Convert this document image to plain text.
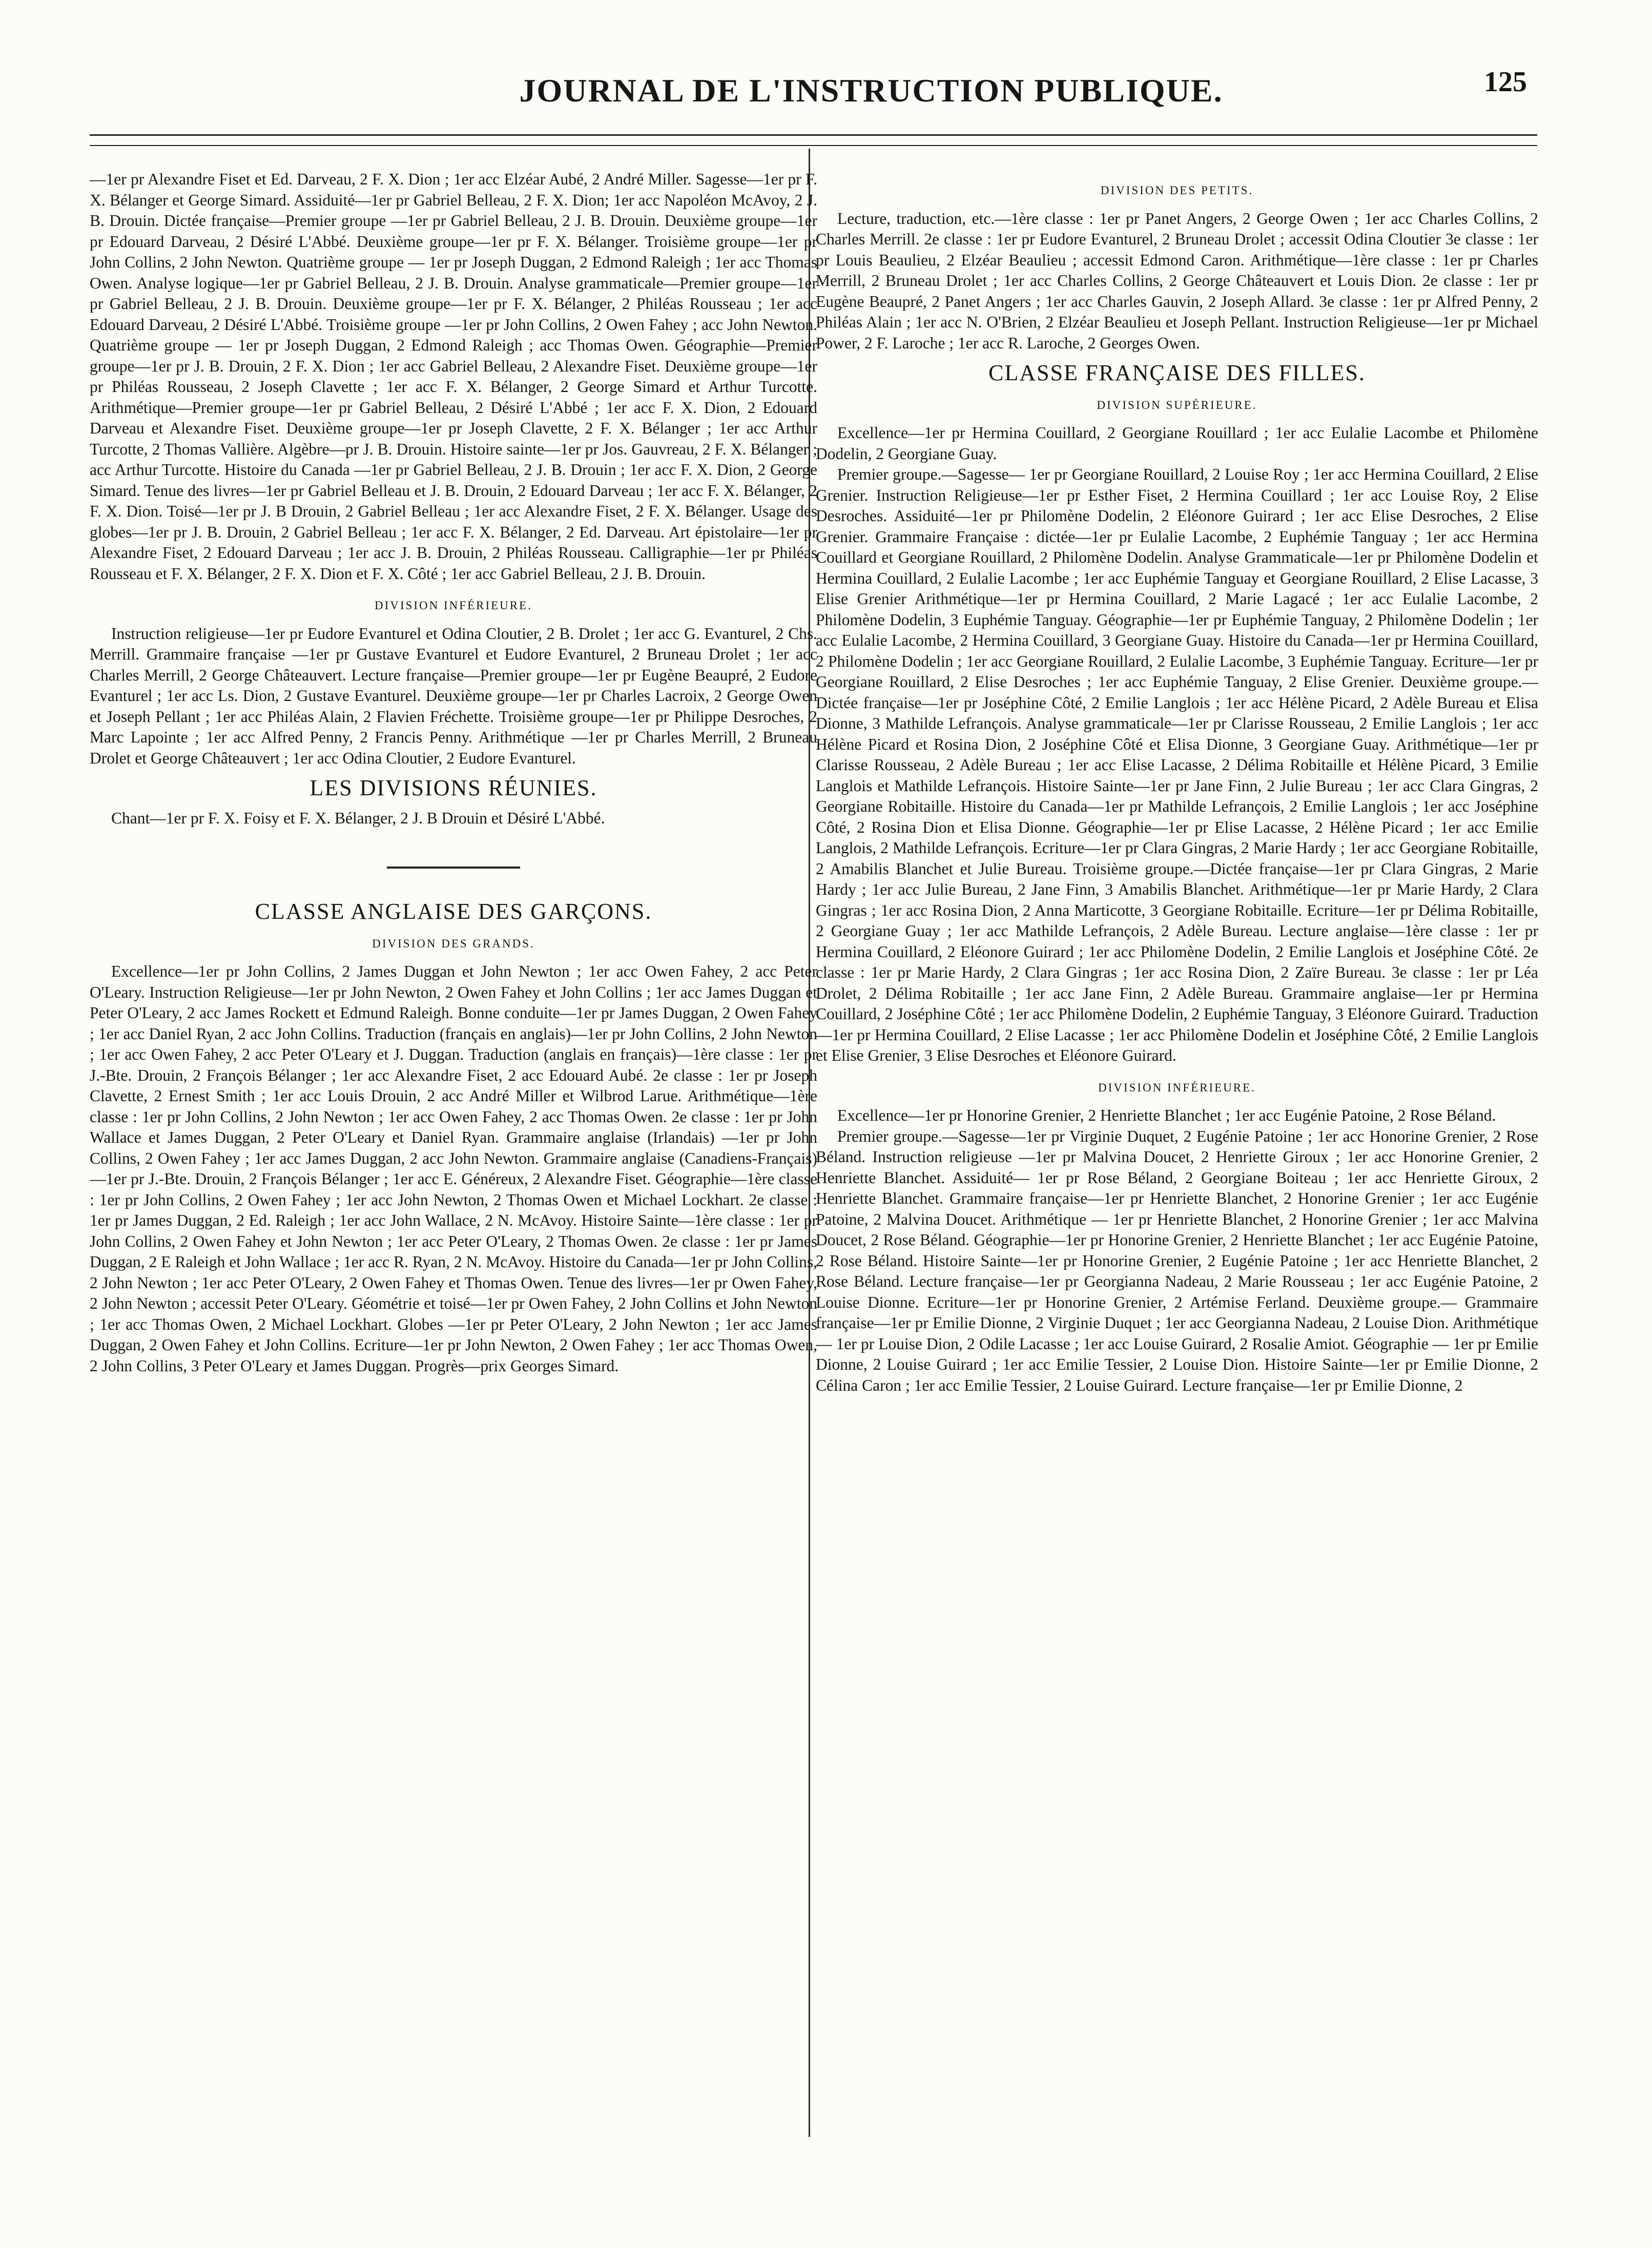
JOURNAL DE L'INSTRUCTION PUBLIQUE.	125

—1er pr Alexandre Fiset et Ed. Darveau, 2 F. X. Dion ; 1er acc Elzéar Aubé, 2 André Miller. Sagesse—1er pr F. X. Bélanger et George Simard. Assiduité—1er pr Gabriel Belleau, 2 F. X. Dion; 1er acc Napoléon McAvoy, 2 J. B. Drouin. Dictée française—Premier groupe —1er pr Gabriel Belleau, 2 J. B. Drouin. Deuxième groupe—1er pr Edouard Darveau, 2 Désiré L'Abbé. Deuxième groupe—1er pr F. X. Bélanger. Troisième groupe—1er pr John Collins, 2 John Newton. Quatrième groupe — 1er pr Joseph Duggan, 2 Edmond Raleigh ; 1er acc Thomas Owen. Analyse logique—1er pr Gabriel Belleau, 2 J. B. Drouin. Analyse grammaticale—Premier groupe—1er pr Gabriel Belleau, 2 J. B. Drouin. Deuxième groupe—1er pr F. X. Bélanger, 2 Philéas Rousseau ; 1er acc Edouard Darveau, 2 Désiré L'Abbé. Troisième groupe —1er pr John Collins, 2 Owen Fahey ; acc John Newton. Quatrième groupe — 1er pr Joseph Duggan, 2 Edmond Raleigh ; acc Thomas Owen. Géographie—Premier groupe—1er pr J. B. Drouin, 2 F. X. Dion ; 1er acc Gabriel Belleau, 2 Alexandre Fiset. Deuxième groupe—1er pr Philéas Rousseau, 2 Joseph Clavette ; 1er acc F. X. Bélanger, 2 George Simard et Arthur Turcotte. Arithmétique—Premier groupe—1er pr Gabriel Belleau, 2 Désiré L'Abbé ; 1er acc F. X. Dion, 2 Edouard Darveau et Alexandre Fiset. Deuxième groupe—1er pr Joseph Clavette, 2 F. X. Bélanger ; 1er acc Arthur Turcotte, 2 Thomas Vallière. Algèbre—pr J. B. Drouin. Histoire sainte—1er pr Jos. Gauvreau, 2 F. X. Bélanger ; acc Arthur Turcotte. Histoire du Canada —1er pr Gabriel Belleau, 2 J. B. Drouin ; 1er acc F. X. Dion, 2 George Simard. Tenue des livres—1er pr Gabriel Belleau et J. B. Drouin, 2 Edouard Darveau ; 1er acc F. X. Bélanger, 2 F. X. Dion. Toisé—1er pr J. B Drouin, 2 Gabriel Belleau ; 1er acc Alexandre Fiset, 2 F. X. Bélanger. Usage des globes—1er pr J. B. Drouin, 2 Gabriel Belleau ; 1er acc F. X. Bélanger, 2 Ed. Darveau. Art épistolaire—1er pr Alexandre Fiset, 2 Edouard Darveau ; 1er acc J. B. Drouin, 2 Philéas Rousseau. Calligraphie—1er pr Philéas Rousseau et F. X. Bélanger, 2 F. X. Dion et F. X. Côté ; 1er acc Gabriel Belleau, 2 J. B. Drouin.

DIVISION INFÉRIEURE.

Instruction religieuse—1er pr Eudore Evanturel et Odina Cloutier, 2 B. Drolet ; 1er acc G. Evanturel, 2 Chs. Merrill. Grammaire française —1er pr Gustave Evanturel et Eudore Evanturel, 2 Bruneau Drolet ; 1er acc Charles Merrill, 2 George Châteauvert. Lecture française—Premier groupe—1er pr Eugène Beaupré, 2 Eudore Evanturel ; 1er acc Ls. Dion, 2 Gustave Evanturel. Deuxième groupe—1er pr Charles Lacroix, 2 George Owen et Joseph Pellant ; 1er acc Philéas Alain, 2 Flavien Fréchette. Troisième groupe—1er pr Philippe Desroches, 2 Marc Lapointe ; 1er acc Alfred Penny, 2 Francis Penny. Arithmétique —1er pr Charles Merrill, 2 Bruneau Drolet et George Châteauvert ; 1er acc Odina Cloutier, 2 Eudore Evanturel.

LES DIVISIONS RÉUNIES.

Chant—1er pr F. X. Foisy et F. X. Bélanger, 2 J. B Drouin et Désiré L'Abbé.

CLASSE ANGLAISE DES GARÇONS.
DIVISION DES GRANDS.

Excellence—1er pr John Collins, 2 James Duggan et John Newton ; 1er acc Owen Fahey, 2 acc Peter O'Leary. Instruction Religieuse—1er pr John Newton, 2 Owen Fahey et John Collins ; 1er acc James Duggan et Peter O'Leary, 2 acc James Rockett et Edmund Raleigh. Bonne conduite—1er pr James Duggan, 2 Owen Fahey ; 1er acc Daniel Ryan, 2 acc John Collins. Traduction (français en anglais)—1er pr John Collins, 2 John Newton ; 1er acc Owen Fahey, 2 acc Peter O'Leary et J. Duggan. Traduction (anglais en français)—1ère classe : 1er pr J.-Bte. Drouin, 2 François Bélanger ; 1er acc Alexandre Fiset, 2 acc Edouard Aubé. 2e classe : 1er pr Joseph Clavette, 2 Ernest Smith ; 1er acc Louis Drouin, 2 acc André Miller et Wilbrod Larue. Arithmétique—1ère classe : 1er pr John Collins, 2 John Newton ; 1er acc Owen Fahey, 2 acc Thomas Owen. 2e classe : 1er pr John Wallace et James Duggan, 2 Peter O'Leary et Daniel Ryan. Grammaire anglaise (Irlandais) —1er pr John Collins, 2 Owen Fahey ; 1er acc James Duggan, 2 acc John Newton. Grammaire anglaise (Canadiens-Français)—1er pr J.-Bte. Drouin, 2 François Bélanger ; 1er acc E. Généreux, 2 Alexandre Fiset. Géographie—1ère classe : 1er pr John Collins, 2 Owen Fahey ; 1er acc John Newton, 2 Thomas Owen et Michael Lockhart. 2e classe : 1er pr James Duggan, 2 Ed. Raleigh ; 1er acc John Wallace, 2 N. McAvoy. Histoire Sainte—1ère classe : 1er pr John Collins, 2 Owen Fahey et John Newton ; 1er acc Peter O'Leary, 2 Thomas Owen. 2e classe : 1er pr James Duggan, 2 E Raleigh et John Wallace ; 1er acc R. Ryan, 2 N. McAvoy. Histoire du Canada—1er pr John Collins, 2 John Newton ; 1er acc Peter O'Leary, 2 Owen Fahey et Thomas Owen. Tenue des livres—1er pr Owen Fahey, 2 John Newton ; accessit Peter O'Leary. Géométrie et toisé—1er pr Owen Fahey, 2 John Collins et John Newton ; 1er acc Thomas Owen, 2 Michael Lockhart. Globes —1er pr Peter O'Leary, 2 John Newton ; 1er acc James Duggan, 2 Owen Fahey et John Collins. Ecriture—1er pr John Newton, 2 Owen Fahey ; 1er acc Thomas Owen, 2 John Collins, 3 Peter O'Leary et James Duggan. Progrès—prix Georges Simard.

DIVISION DES PETITS.

Lecture, traduction, etc.—1ère classe : 1er pr Panet Angers, 2 George Owen ; 1er acc Charles Collins, 2 Charles Merrill. 2e classe : 1er pr Eudore Evanturel, 2 Bruneau Drolet ; accessit Odina Cloutier 3e classe : 1er pr Louis Beaulieu, 2 Elzéar Beaulieu ; accessit Edmond Caron. Arithmétique—1ère classe : 1er pr Charles Merrill, 2 Bruneau Drolet ; 1er acc Charles Collins, 2 George Châteauvert et Louis Dion. 2e classe : 1er pr Eugène Beaupré, 2 Panet Angers ; 1er acc Charles Gauvin, 2 Joseph Allard. 3e classe : 1er pr Alfred Penny, 2 Philéas Alain ; 1er acc N. O'Brien, 2 Elzéar Beaulieu et Joseph Pellant. Instruction Religieuse—1er pr Michael Power, 2 F. Laroche ; 1er acc R. Laroche, 2 Georges Owen.

CLASSE FRANÇAISE DES FILLES.
DIVISION SUPÉRIEURE.

Excellence—1er pr Hermina Couillard, 2 Georgiane Rouillard ; 1er acc Eulalie Lacombe et Philomène Dodelin, 2 Georgiane Guay.

Premier groupe.—Sagesse— 1er pr Georgiane Rouillard, 2 Louise Roy ; 1er acc Hermina Couillard, 2 Elise Grenier. Instruction Religieuse—1er pr Esther Fiset, 2 Hermina Couillard ; 1er acc Louise Roy, 2 Elise Desroches. Assiduité—1er pr Philomène Dodelin, 2 Eléonore Guirard ; 1er acc Elise Desroches, 2 Elise Grenier. Grammaire Française : dictée—1er pr Eulalie Lacombe, 2 Euphémie Tanguay ; 1er acc Hermina Couillard et Georgiane Rouillard, 2 Philomène Dodelin. Analyse Grammaticale—1er pr Philomène Dodelin et Hermina Couillard, 2 Eulalie Lacombe ; 1er acc Euphémie Tanguay et Georgiane Rouillard, 2 Elise Lacasse, 3 Elise Grenier Arithmétique—1er pr Hermina Couillard, 2 Marie Lagacé ; 1er acc Eulalie Lacombe, 2 Philomène Dodelin, 3 Euphémie Tanguay. Géographie—1er pr Euphémie Tanguay, 2 Philomène Dodelin ; 1er acc Eulalie Lacombe, 2 Hermina Couillard, 3 Georgiane Guay. Histoire du Canada—1er pr Hermina Couillard, 2 Philomène Dodelin ; 1er acc Georgiane Rouillard, 2 Eulalie Lacombe, 3 Euphémie Tanguay. Ecriture—1er pr Georgiane Rouillard, 2 Elise Desroches ; 1er acc Euphémie Tanguay, 2 Elise Grenier. Deuxième groupe.—Dictée française—1er pr Joséphine Côté, 2 Emilie Langlois ; 1er acc Hélène Picard, 2 Adèle Bureau et Elisa Dionne, 3 Mathilde Lefrançois. Analyse grammaticale—1er pr Clarisse Rousseau, 2 Emilie Langlois ; 1er acc Hélène Picard et Rosina Dion, 2 Joséphine Côté et Elisa Dionne, 3 Georgiane Guay. Arithmétique—1er pr Clarisse Rousseau, 2 Adèle Bureau ; 1er acc Elise Lacasse, 2 Délima Robitaille et Hélène Picard, 3 Emilie Langlois et Mathilde Lefrançois. Histoire Sainte—1er pr Jane Finn, 2 Julie Bureau ; 1er acc Clara Gingras, 2 Georgiane Robitaille. Histoire du Canada—1er pr Mathilde Lefrançois, 2 Emilie Langlois ; 1er acc Joséphine Côté, 2 Rosina Dion et Elisa Dionne. Géographie—1er pr Elise Lacasse, 2 Hélène Picard ; 1er acc Emilie Langlois, 2 Mathilde Lefrançois. Ecriture—1er pr Clara Gingras, 2 Marie Hardy ; 1er acc Georgiane Robitaille, 2 Amabilis Blanchet et Julie Bureau. Troisième groupe.—Dictée française—1er pr Clara Gingras, 2 Marie Hardy ; 1er acc Julie Bureau, 2 Jane Finn, 3 Amabilis Blanchet. Arithmétique—1er pr Marie Hardy, 2 Clara Gingras ; 1er acc Rosina Dion, 2 Anna Marticotte, 3 Georgiane Robitaille. Ecriture—1er pr Délima Robitaille, 2 Georgiane Guay ; 1er acc Mathilde Lefrançois, 2 Adèle Bureau. Lecture anglaise—1ère classe : 1er pr Hermina Couillard, 2 Eléonore Guirard ; 1er acc Philomène Dodelin, 2 Emilie Langlois et Joséphine Côté. 2e classe : 1er pr Marie Hardy, 2 Clara Gingras ; 1er acc Rosina Dion, 2 Zaïre Bureau. 3e classe : 1er pr Léa Drolet, 2 Délima Robitaille ; 1er acc Jane Finn, 2 Adèle Bureau. Grammaire anglaise—1er pr Hermina Couillard, 2 Joséphine Côté ; 1er acc Philomène Dodelin, 2 Euphémie Tanguay, 3 Eléonore Guirard. Traduction—1er pr Hermina Couillard, 2 Elise Lacasse ; 1er acc Philomène Dodelin et Joséphine Côté, 2 Emilie Langlois et Elise Grenier, 3 Elise Desroches et Eléonore Guirard.

DIVISION INFÉRIEURE.

Excellence—1er pr Honorine Grenier, 2 Henriette Blanchet ; 1er acc Eugénie Patoine, 2 Rose Béland.

Premier groupe.—Sagesse—1er pr Virginie Duquet, 2 Eugénie Patoine ; 1er acc Honorine Grenier, 2 Rose Béland. Instruction religieuse —1er pr Malvina Doucet, 2 Henriette Giroux ; 1er acc Honorine Grenier, 2 Henriette Blanchet. Assiduité— 1er pr Rose Béland, 2 Georgiane Boiteau ; 1er acc Henriette Giroux, 2 Henriette Blanchet. Grammaire française—1er pr Henriette Blanchet, 2 Honorine Grenier ; 1er acc Eugénie Patoine, 2 Malvina Doucet. Arithmétique — 1er pr Henriette Blanchet, 2 Honorine Grenier ; 1er acc Malvina Doucet, 2 Rose Béland. Géographie—1er pr Honorine Grenier, 2 Henriette Blanchet ; 1er acc Eugénie Patoine, 2 Rose Béland. Histoire Sainte—1er pr Honorine Grenier, 2 Eugénie Patoine ; 1er acc Henriette Blanchet, 2 Rose Béland. Lecture française—1er pr Georgianna Nadeau, 2 Marie Rousseau ; 1er acc Eugénie Patoine, 2 Louise Dionne. Ecriture—1er pr Honorine Grenier, 2 Artémise Ferland. Deuxième groupe.— Grammaire française—1er pr Emilie Dionne, 2 Virginie Duquet ; 1er acc Georgianna Nadeau, 2 Louise Dion. Arithmétique— 1er pr Louise Dion, 2 Odile Lacasse ; 1er acc Louise Guirard, 2 Rosalie Amiot. Géographie — 1er pr Emilie Dionne, 2 Louise Guirard ; 1er acc Emilie Tessier, 2 Louise Dion. Histoire Sainte—1er pr Emilie Dionne, 2 Célina Caron ; 1er acc Emilie Tessier, 2 Louise Guirard. Lecture française—1er pr Emilie Dionne, 2
